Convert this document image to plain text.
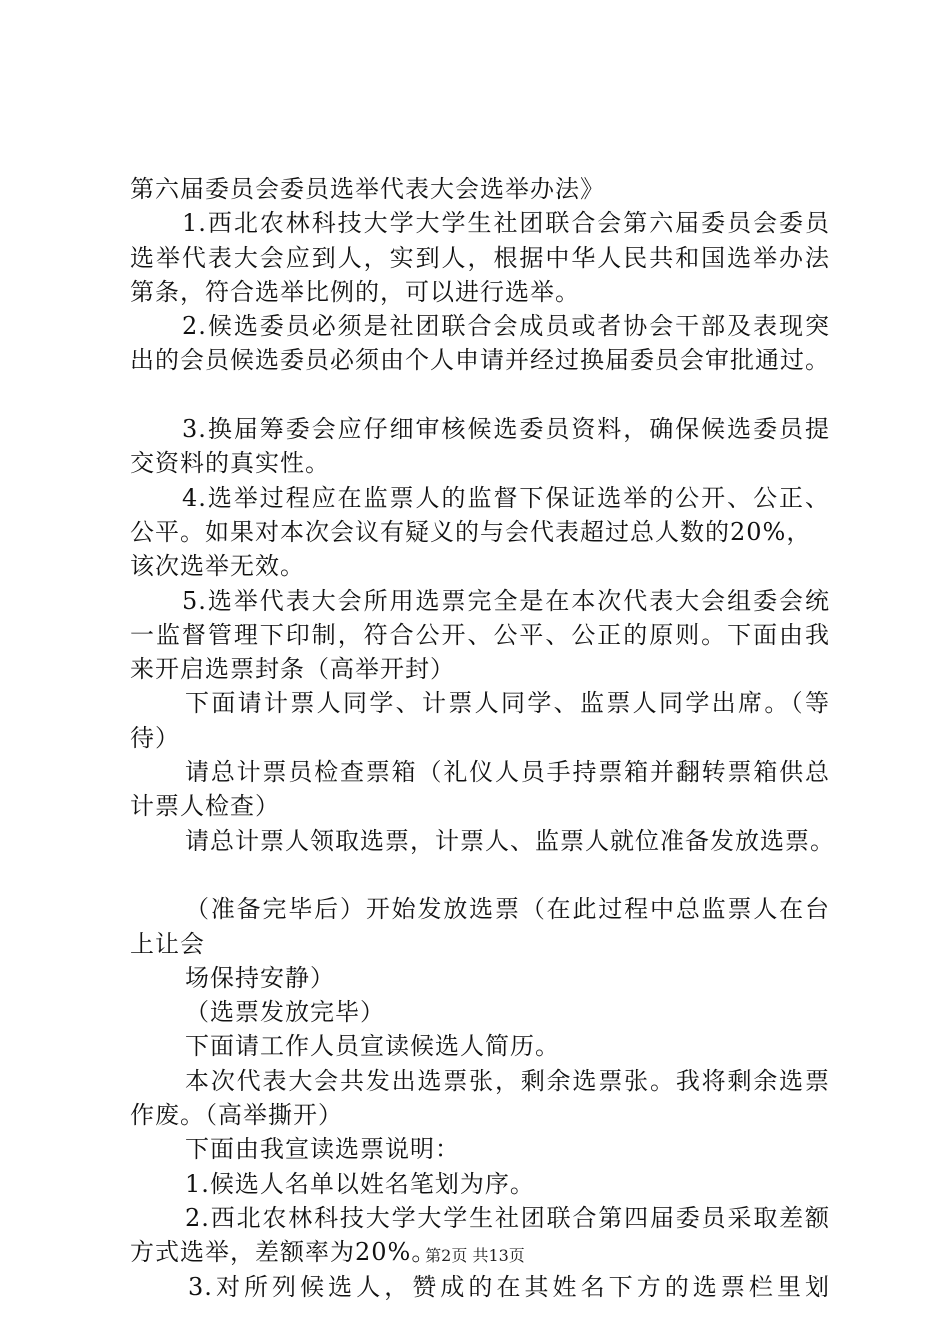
第六届委员会委员选举代表大会选举办法》
1.西北农林科技大学大学生社团联合会第六届委员会委员
选举代表大会应到人，实到人，根据中华人民共和国选举办法
第条，符合选举比例的，可以进行选举。
2.候选委员必须是社团联合会成员或者协会干部及表现突
出的会员候选委员必须由个人申请并经过换届委员会审批通过。
3.换届筹委会应仔细审核候选委员资料，确保候选委员提
交资料的真实性。
4.选举过程应在监票人的监督下保证选举的公开、公正、
公平。如果对本次会议有疑义的与会代表超过总人数的20%，
该次选举无效。
5.选举代表大会所用选票完全是在本次代表大会组委会统
一监督管理下印制，符合公开、公平、公正的原则。下面由我
来开启选票封条（高举开封）
下面请计票人同学、计票人同学、监票人同学出席。（等
待）
请总计票员检查票箱（礼仪人员手持票箱并翻转票箱供总
计票人检查）
请总计票人领取选票，计票人、监票人就位准备发放选票。
（准备完毕后）开始发放选票（在此过程中总监票人在台
上让会
场保持安静）
（选票发放完毕）
下面请工作人员宣读候选人简历。
本次代表大会共发出选票张，剩余选票张。我将剩余选票
作废。（高举撕开）
下面由我宣读选票说明：
1.候选人名单以姓名笔划为序。
2.西北农林科技大学大学生社团联合第四届委员采取差额
方式选举，差额率为20%。
3.对所列候选人，赞成的在其姓名下方的选票栏里划
第2页 共13页
